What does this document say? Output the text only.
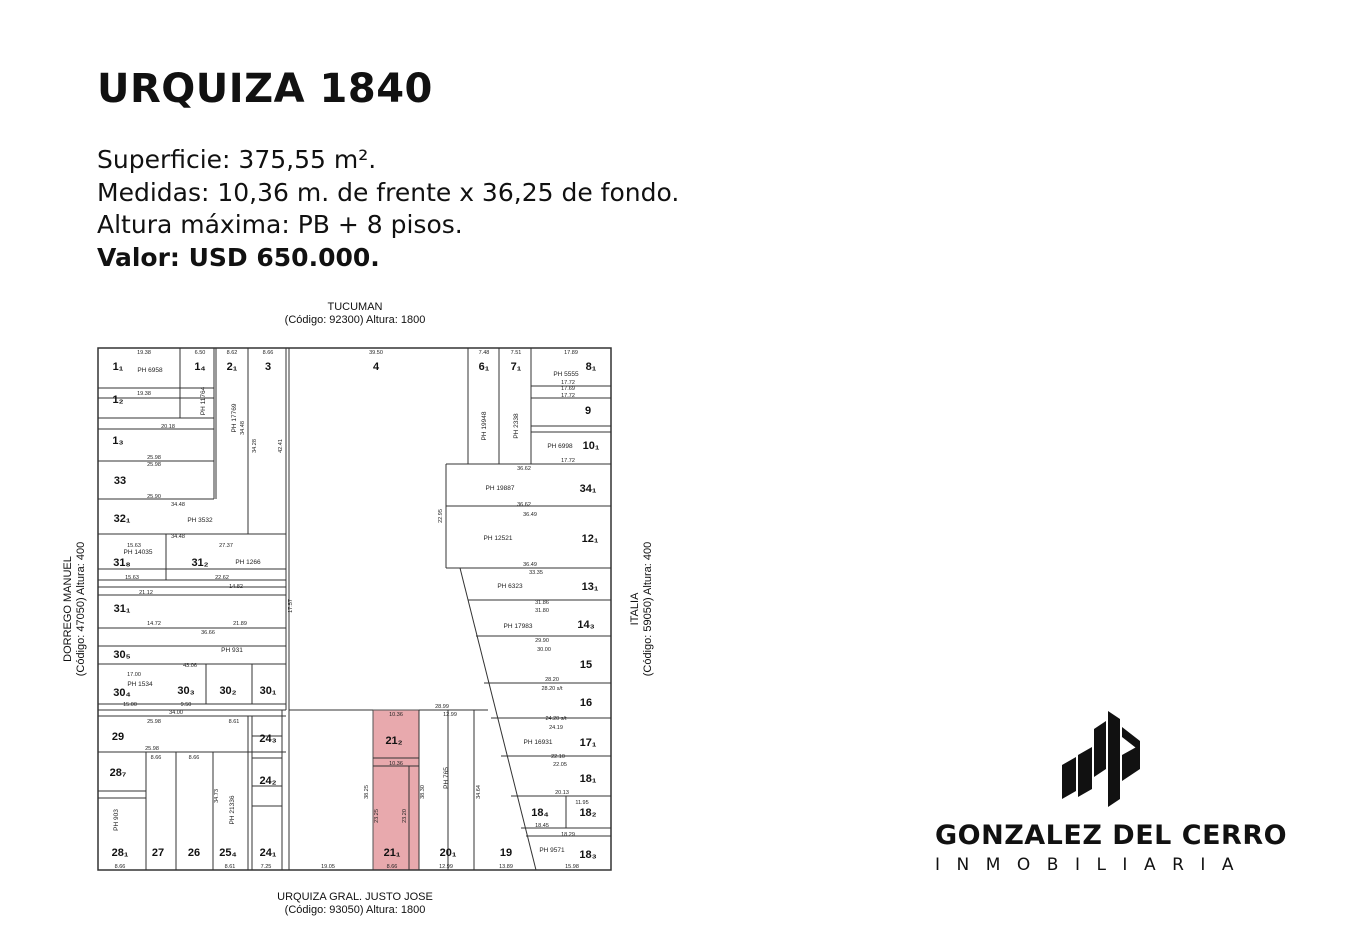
URQUIZA 1840
Superficie: 375,55 m².
Medidas: 10,36 m. de frente x 36,25 de fondo.
Altura máxima: PB + 8 pisos.
Valor: USD 650.000.
TUCUMAN
(Código: 92300) Altura: 1800
URQUIZA GRAL. JUSTO JOSE
(Código: 93050) Altura: 1800
DORREGO MANUEL (Código: 47050) Altura: 400	ITALIA (Código: 59050) Altura: 400
1₁	1₄ 2₁	3	4	6₁ 7₁	8₁
9
10₁
1₂
1₃
33
32₁
31₈	31₂
31₁
30₅
30₄	30₃ 30₂ 30₁
29
28₇
28₁ 27 26 25₄ 24₁
24₃
24₂
21₂
21₁	20₁	19
34₁
12₁
13₁
14₃
15
16
17₁
18₁
18₄	18₂
18₃
PH 6958
PH 11764
PH 17769
PH 5555
PH 19948	PH 2338
PH 6998
PH 19887
PH 3532
PH 14035
PH 1266
PH 12521
PH 6323
PH 17983
PH 931
PH 1534
PH 16931
PH 765
PH 21336
PH 903
PH 9571
19.38	6.50	8.62	8.66	39.50	7.48	7.51	17.89
19.38
20.18
25.98
25.98
25.90
34.48
34.48
27.37
15.63
22.62
15.63
21.12
14.82
14.72	21.89
36.66
43.06
17.00
15.00	9.50
34.00
25.98
25.98
8.66
8.61
28.99
12.99
10.36
10.36
8.66
19.05
7.25	13.89	15.98
36.62
36.62
36.49
36.49
33.35
31.86
31.80
29.90
30.00
28.20
28.20 s/t
24.20 s/t
24.19
22.10
22.05
20.13
11.95
18.45
18.29
17.72
17.69
17.72
17.72
42.41
34.28
34.48
17.57
38.25	38.30	34.64
23.25	23.20
34.73
22.95
8.66
12.99
8.61
8.66
GONZALEZ DEL CERRO
INMOBILIARIA
